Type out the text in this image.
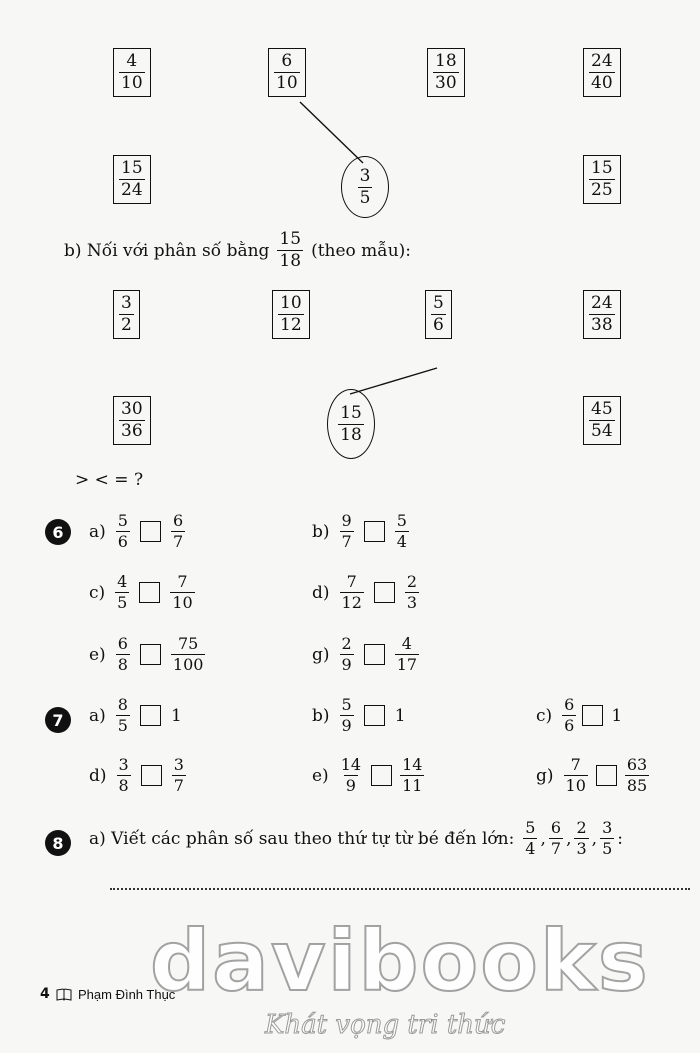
$\frac{4}{10}$	$\frac{6}{10}$	$\frac{18}{30}$	$\frac{24}{40}$
$\frac{15}{24}$	$\frac{3}{5}$	$\frac{15}{25}$
b) Nối với phân số bằng $\frac{15}{18}$ (theo mẫu):
$\frac{3}{2}$	$\frac{10}{12}$	$\frac{5}{6}$	$\frac{24}{38}$
$\frac{30}{36}$	$\frac{15}{18}$	$\frac{45}{54}$
> < = ?
6	$a) \frac{5}{6}$	$\frac{6}{7}$	$b) \frac{9}{7}$	$\frac{5}{4}$
$c) \frac{4}{5}$	$\frac{7}{10}$	$d) \frac{7}{12}$	$\frac{2}{3}$
$e) \frac{6}{8}$	$\frac{75}{100}$	$g) \frac{2}{9}$	$\frac{4}{17}$
7	$a) \frac{8}{5} 1$	$b) \frac{5}{9} 1$	$c) \frac{6}{6} 1$
$d) \frac{3}{8}$	$\frac{3}{7}$	$e) \frac{14}{9} \frac{14}{11}$	$g) \frac{7}{10} \frac{63}{85}$
8	a) Viết các phân số sau theo thứ tự từ bé đến lớn: $\frac{5}{4}$ , $\frac{6}{7}$ , $\frac{2}{3}$ , $\frac{3}{5}$ :
4 Phạm Đình Thục
davibooks
Khát vọng tri thức
